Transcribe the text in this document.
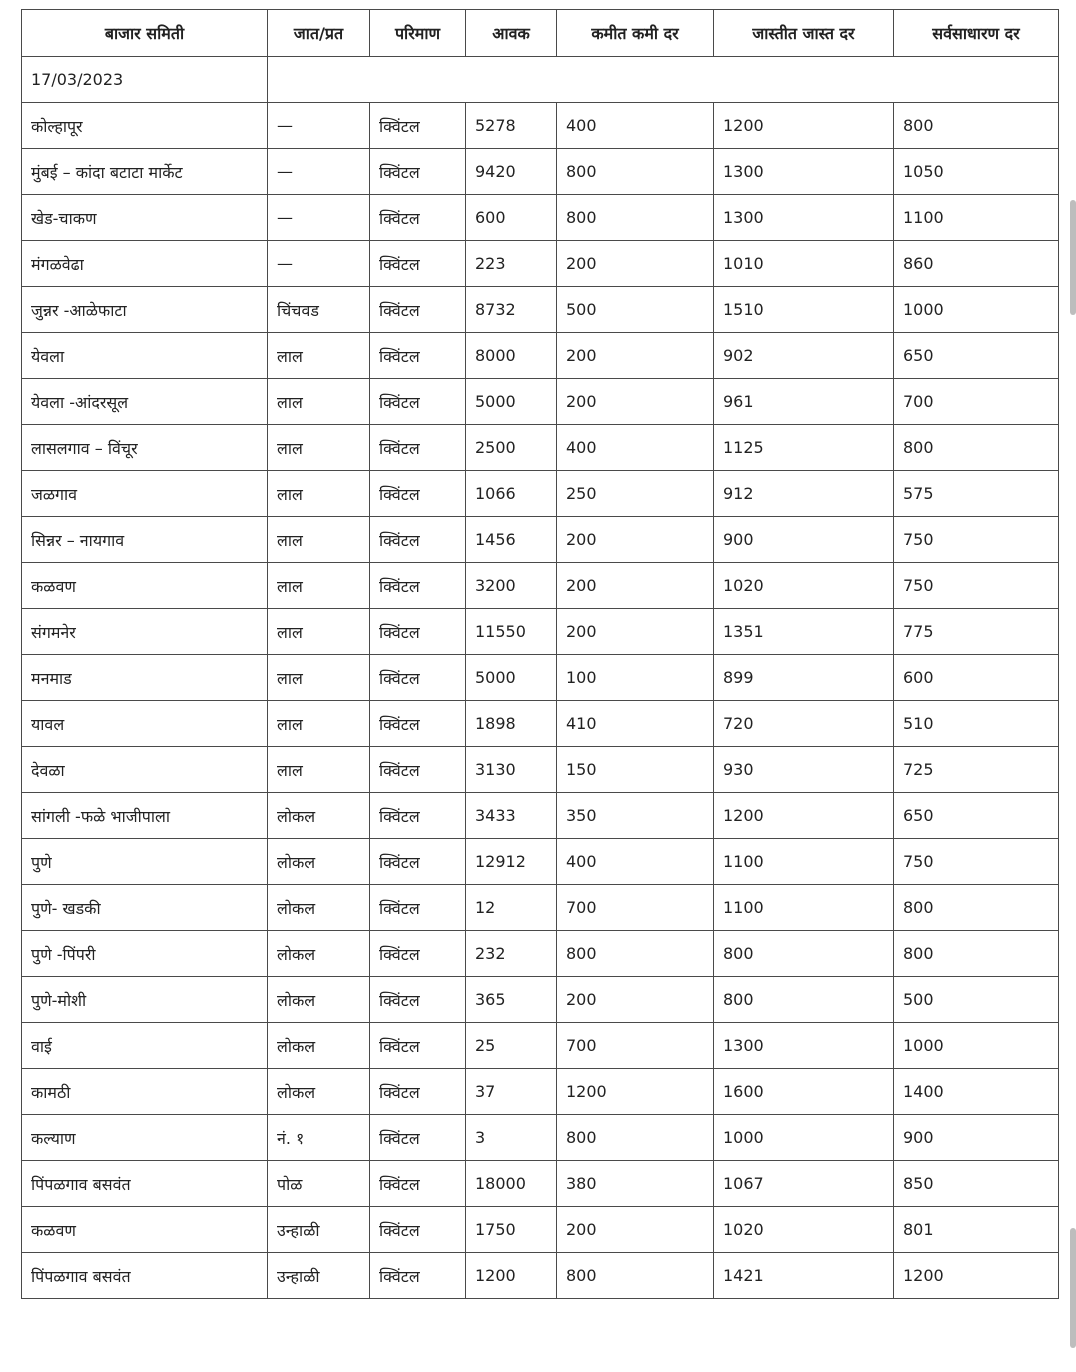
बाजार समिती	जात/प्रत	परिमाण	आवक	कमीत कमी दर	जास्तीत जास्त दर	सर्वसाधारण दर
17/03/2023						
कोल्हापूर	—	क्विंटल	5278	400	1200	800
मुंबई – कांदा बटाटा मार्केट	—	क्विंटल	9420	800	1300	1050
खेड-चाकण	—	क्विंटल	600	800	1300	1100
मंगळवेढा	—	क्विंटल	223	200	1010	860
जुन्नर -आळेफाटा	चिंचवड	क्विंटल	8732	500	1510	1000
येवला	लाल	क्विंटल	8000	200	902	650
येवला -आंदरसूल	लाल	क्विंटल	5000	200	961	700
लासलगाव – विंचूर	लाल	क्विंटल	2500	400	1125	800
जळगाव	लाल	क्विंटल	1066	250	912	575
सिन्नर – नायगाव	लाल	क्विंटल	1456	200	900	750
कळवण	लाल	क्विंटल	3200	200	1020	750
संगमनेर	लाल	क्विंटल	11550	200	1351	775
मनमाड	लाल	क्विंटल	5000	100	899	600
यावल	लाल	क्विंटल	1898	410	720	510
देवळा	लाल	क्विंटल	3130	150	930	725
सांगली -फळे भाजीपाला	लोकल	क्विंटल	3433	350	1200	650
पुणे	लोकल	क्विंटल	12912	400	1100	750
पुणे- खडकी	लोकल	क्विंटल	12	700	1100	800
पुणे -पिंपरी	लोकल	क्विंटल	232	800	800	800
पुणे-मोशी	लोकल	क्विंटल	365	200	800	500
वाई	लोकल	क्विंटल	25	700	1300	1000
कामठी	लोकल	क्विंटल	37	1200	1600	1400
कल्याण	नं. १	क्विंटल	3	800	1000	900
पिंपळगाव बसवंत	पोळ	क्विंटल	18000	380	1067	850
कळवण	उन्हाळी	क्विंटल	1750	200	1020	801
पिंपळगाव बसवंत	उन्हाळी	क्विंटल	1200	800	1421	1200
